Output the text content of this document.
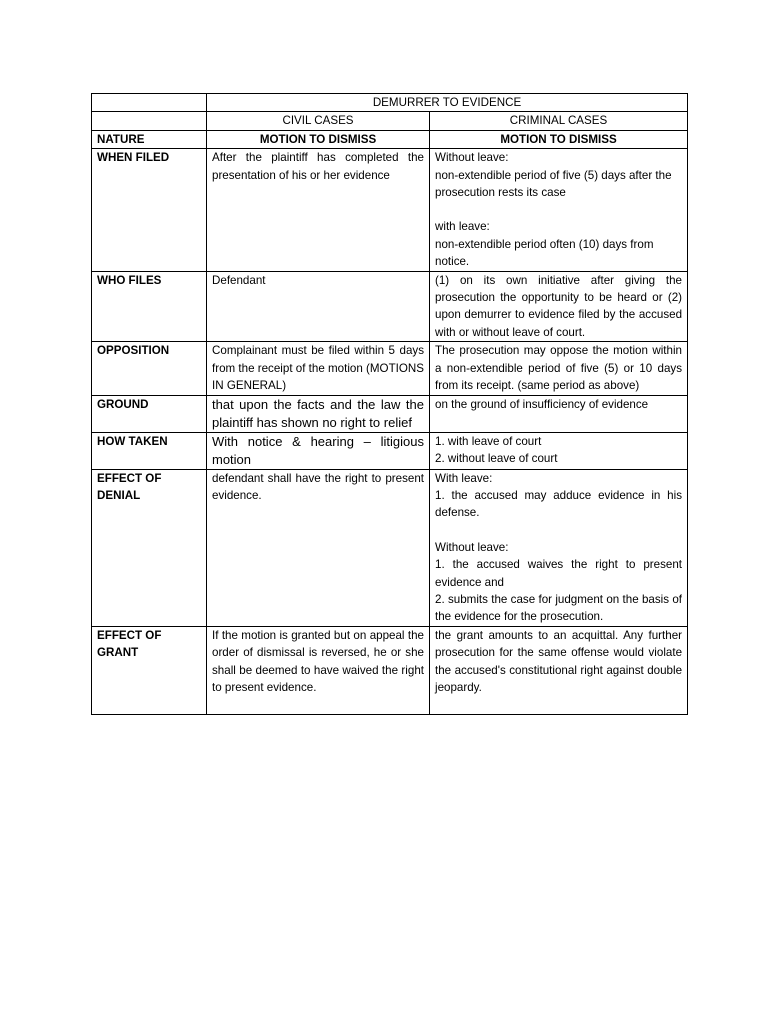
	DEMURRER TO EVIDENCE	
	CIVIL CASES	CRIMINAL CASES
NATURE	MOTION TO DISMISS	MOTION TO DISMISS
WHEN FILED	After the plaintiff has completed the presentation of his or her evidence	Without leave:
non-extendible period of five (5) days after the prosecution rests its case
with leave:
non-extendible period often (10) days from notice.

WHO FILES	Defendant	(1) on its own initiative after giving the prosecution the opportunity to be heard or (2) upon demurrer to evidence filed by the accused with or without leave of court.
OPPOSITION	Complainant must be filed within 5 days from the receipt of the motion (MOTIONS IN GENERAL)	The prosecution may oppose the motion within a non-extendible period of five (5) or 10 days from its receipt. (same period as above)
GROUND	that upon the facts and the law the plaintiff has shown no right to relief	on the ground of insufficiency of evidence
HOW TAKEN	With notice & hearing – litigious motion	1. with leave of court
2. without leave of court

EFFECT OF DENIAL	defendant shall have the right to present evidence.	With leave:
1. the accused may adduce evidence in his defense.
Without leave:
1. the accused waives the right to present evidence and
2. submits the case for judgment on the basis of the evidence for the prosecution.

EFFECT OF GRANT	If the motion is granted but on appeal the order of dismissal is reversed, he or she shall be deemed to have waived the right to present evidence.	the grant amounts to an acquittal. Any further prosecution for the same offense would violate the accused's constitutional right against double jeopardy.
